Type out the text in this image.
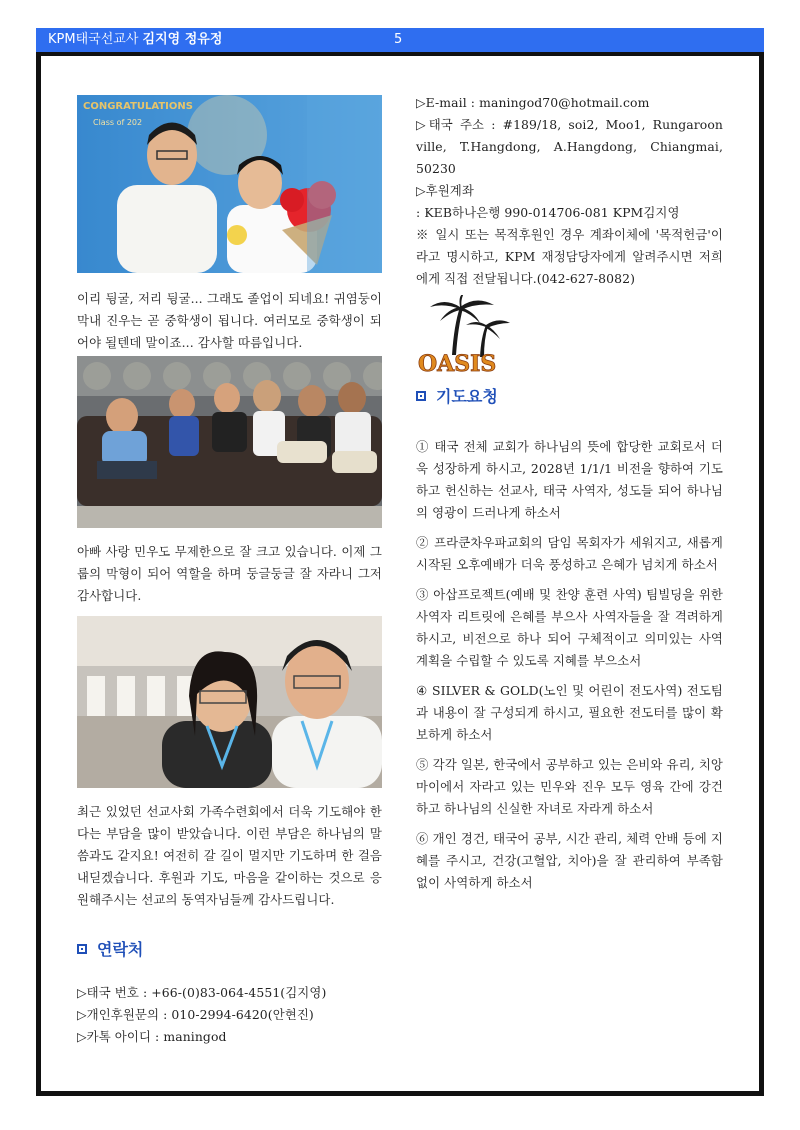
KPM태국선교사 김지영 정유정	5
CONGRATULATIONS
Class of 202
이리 뒹굴, 저리 뒹굴... 그래도 졸업이 되네요! 귀염둥이 막내 진우는 곧 중학생이 됩니다. 여러모로 중학생이 되어야 될텐데 말이죠... 감사할 따름입니다.
아빠 사랑 민우도 무제한으로 잘 크고 있습니다. 이제 그룹의 막형이 되어 역할을 하며 둥글둥글 잘 자라니 그저 감사합니다.
최근 있었던 선교사회 가족수련회에서 더욱 기도해야 한다는 부담을 많이 받았습니다. 이런 부담은 하나님의 말씀과도 같지요! 여전히 갈 길이 멀지만 기도하며 한 걸음 내딛겠습니다. 후원과 기도, 마음을 같이하는 것으로 응원해주시는 선교의 동역자님들께 감사드립니다.
연락처
▷태국 번호 : +66-(0)83-064-4551(김지영)
▷개인후원문의 : 010-2994-6420(안현진)
▷카톡 아이디 : maningod
▷E-mail : maningod70@hotmail.com
▷태국 주소 : #189/18, soi2, Moo1, Rungaroon ville, T.Hangdong, A.Hangdong, Chiangmai, 50230
▷후원계좌
: KEB하나은행 990-014706-081 KPM김지영
※ 일시 또는 목적후원인 경우 계좌이체에 '목적헌금'이라고 명시하고, KPM 재정담당자에게 알려주시면 저희에게 직접 전달됩니다.(042-627-8082)
OASIS
기도요청
① 태국 전체 교회가 하나님의 뜻에 합당한 교회로서 더욱 성장하게 하시고, 2028년 1/1/1 비전을 향하여 기도하고 헌신하는 선교사, 태국 사역자, 성도들 되어 하나님의 영광이 드러나게 하소서
② 프라쿤차우파교회의 담임 목회자가 세워지고, 새롭게 시작된 오후예배가 더욱 풍성하고 은혜가 넘치게 하소서
③ 아삽프로젝트(예배 및 찬양 훈련 사역) 팀빌딩을 위한 사역자 리트릿에 은혜를 부으사 사역자들을 잘 격려하게 하시고, 비전으로 하나 되어 구체적이고 의미있는 사역 계획을 수립할 수 있도록 지혜를 부으소서
④ SILVER & GOLD(노인 및 어린이 전도사역) 전도팀과 내용이 잘 구성되게 하시고, 필요한 전도터를 많이 확보하게 하소서
⑤ 각각 일본, 한국에서 공부하고 있는 은비와 유리, 치앙마이에서 자라고 있는 민우와 진우 모두 영육 간에 강건하고 하나님의 신실한 자녀로 자라게 하소서
⑥ 개인 경건, 태국어 공부, 시간 관리, 체력 안배 등에 지혜를 주시고, 건강(고혈압, 치아)을 잘 관리하여 부족함 없이 사역하게 하소서
